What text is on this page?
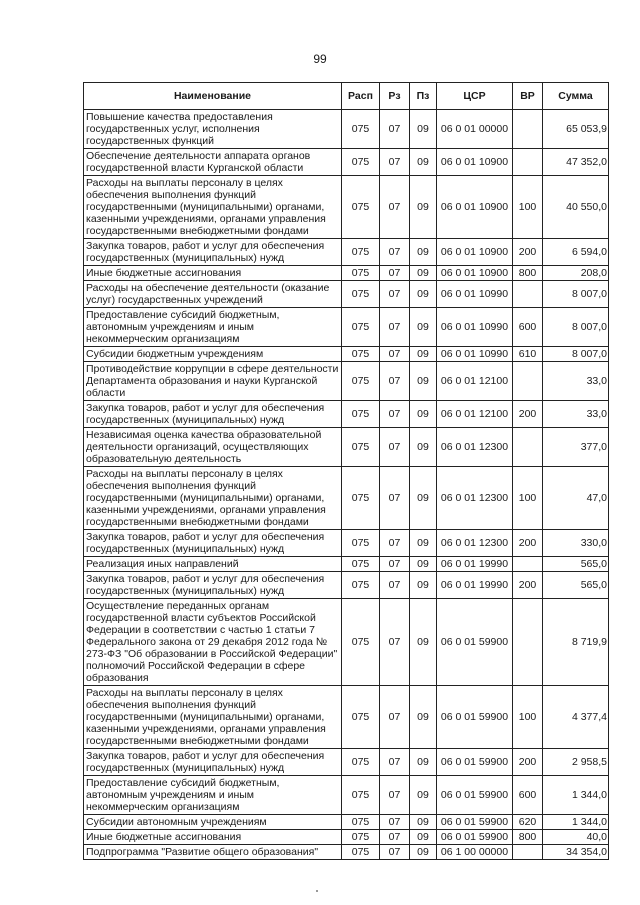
99
Наименование	Расп	Рз	Пз	ЦСР	ВР	Сумма
Повышение качества предоставления государственных услуг, исполнения государственных функций	075	07	09	06 0 01 00000		65 053,9
Обеспечение деятельности аппарата органов государственной власти Курганской области	075	07	09	06 0 01 10900		47 352,0
Расходы на выплаты персоналу в целях обеспечения выполнения функций государственными (муниципальными) органами, казенными учреждениями, органами управления государственными внебюджетными фондами	075	07	09	06 0 01 10900	100	40 550,0
Закупка товаров, работ и услуг для обеспечения государственных (муниципальных) нужд	075	07	09	06 0 01 10900	200	6 594,0
Иные бюджетные ассигнования	075	07	09	06 0 01 10900	800	208,0
Расходы на обеспечение деятельности (оказание услуг) государственных учреждений	075	07	09	06 0 01 10990		8 007,0
Предоставление субсидий бюджетным, автономным учреждениям и иным некоммерческим организациям	075	07	09	06 0 01 10990	600	8 007,0
Субсидии бюджетным учреждениям	075	07	09	06 0 01 10990	610	8 007,0
Противодействие коррупции в сфере деятельности Департамента образования и науки Курганской области	075	07	09	06 0 01 12100		33,0
Закупка товаров, работ и услуг для обеспечения государственных (муниципальных) нужд	075	07	09	06 0 01 12100	200	33,0
Независимая оценка качества образовательной деятельности организаций, осуществляющих образовательную деятельность	075	07	09	06 0 01 12300		377,0
Расходы на выплаты персоналу в целях обеспечения выполнения функций государственными (муниципальными) органами, казенными учреждениями, органами управления государственными внебюджетными фондами	075	07	09	06 0 01 12300	100	47,0
Закупка товаров, работ и услуг для обеспечения государственных (муниципальных) нужд	075	07	09	06 0 01 12300	200	330,0
Реализация иных направлений	075	07	09	06 0 01 19990		565,0
Закупка товаров, работ и услуг для обеспечения государственных (муниципальных) нужд	075	07	09	06 0 01 19990	200	565,0
Осуществление переданных органам государственной власти субъектов Российской Федерации в соответствии с частью 1 статьи 7 Федерального закона от 29 декабря 2012 года № 273-ФЗ "Об образовании в Российской Федерации" полномочий Российской Федерации в сфере образования	075	07	09	06 0 01 59900		8 719,9
Расходы на выплаты персоналу в целях обеспечения выполнения функций государственными (муниципальными) органами, казенными учреждениями, органами управления государственными внебюджетными фондами	075	07	09	06 0 01 59900	100	4 377,4
Закупка товаров, работ и услуг для обеспечения государственных (муниципальных) нужд	075	07	09	06 0 01 59900	200	2 958,5
Предоставление субсидий бюджетным, автономным учреждениям и иным некоммерческим организациям	075	07	09	06 0 01 59900	600	1 344,0
Субсидии автономным учреждениям	075	07	09	06 0 01 59900	620	1 344,0
Иные бюджетные ассигнования	075	07	09	06 0 01 59900	800	40,0
Подпрограмма "Развитие общего образования"	075	07	09	06 1 00 00000		34 354,0
